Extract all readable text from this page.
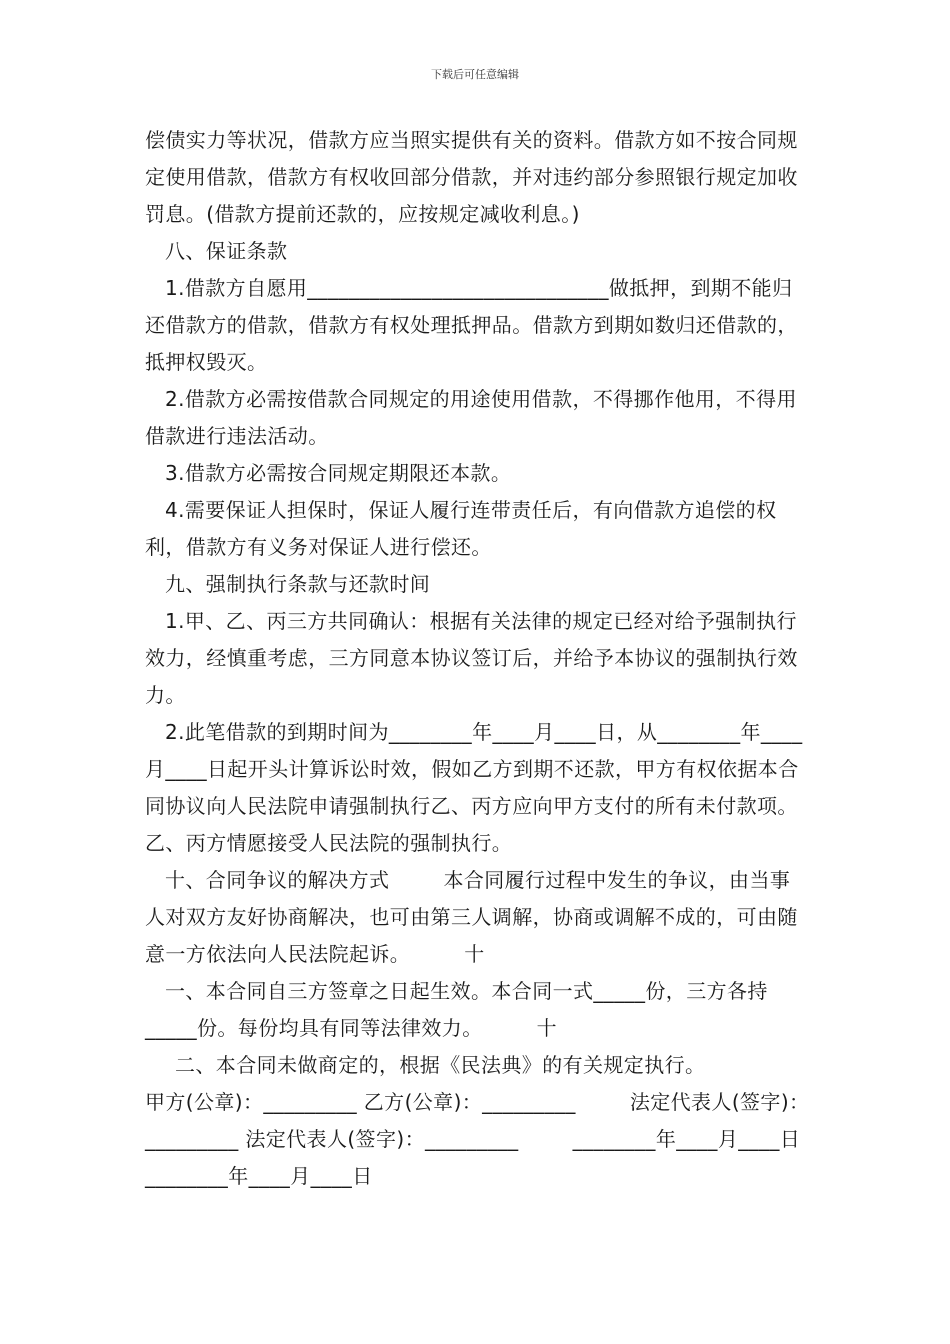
下载后可任意编辑

偿债实力等状况，借款方应当照实提供有关的资料。借款方如不按合同规定使用借款，借款方有权收回部分借款，并对违约部分参照银行规定加收罚息。(借款方提前还款的，应按规定减收利息。)

八、保证条款

1.借款方自愿用_____________________________做抵押，到期不能归还借款方的借款，借款方有权处理抵押品。借款方到期如数归还借款的，抵押权毁灭。

2.借款方必需按借款合同规定的用途使用借款，不得挪作他用，不得用借款进行违法活动。

3.借款方必需按合同规定期限还本款。

4.需要保证人担保时，保证人履行连带责任后，有向借款方追偿的权利，借款方有义务对保证人进行偿还。

九、强制执行条款与还款时间

1.甲、乙、丙三方共同确认：根据有关法律的规定已经对给予强制执行效力，经慎重考虑，三方同意本协议签订后，并给予本协议的强制执行效力。

2.此笔借款的到期时间为________年____月____日，从________年____月____日起开头计算诉讼时效，假如乙方到期不还款，甲方有权依据本合同协议向人民法院申请强制执行乙、丙方应向甲方支付的所有未付款项。乙、丙方情愿接受人民法院的强制执行。

十、合同争议的解决方式        本合同履行过程中发生的争议，由当事人对双方友好协商解决，也可由第三人调解，协商或调解不成的，可由随意一方依法向人民法院起诉。        十

一、本合同自三方签章之日起生效。本合同一式_____份，三方各持_____份。每份均具有同等法律效力。        十

二、本合同未做商定的，根据《民法典》的有关规定执行。

甲方(公章)：_________ 乙方(公章)：_________        法定代表人(签字)：_________ 法定代表人(签字)：_________        ________年____月____日 ________年____月____日
